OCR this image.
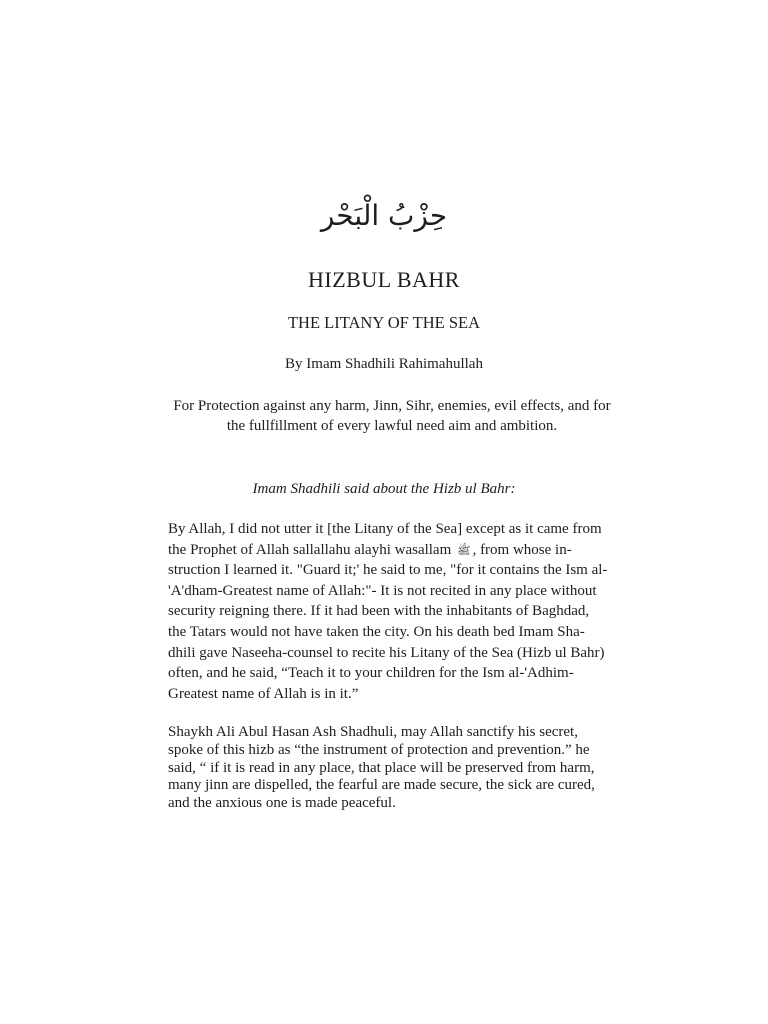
حِزْبُ الْبَحْر
HIZBUL BAHR
THE LITANY OF THE SEA
By Imam Shadhili Rahimahullah
For Protection against any harm, Jinn, Sihr, enemies, evil effects, and for
the fullfillment of every lawful need aim and ambition.
Imam Shadhili said about the Hizb ul Bahr:
By Allah, I did not utter it [the Litany of the Sea] except as it came from
the Prophet of Allah sallallahu alayhi wasallam ﷺ , from whose in-
struction I learned it. "Guard it;' he said to me, "for it contains the Ism al-
'A'dham-Greatest name of Allah:"- It is not recited in any place without
security reigning there. If it had been with the inhabitants of Baghdad,
the Tatars would not have taken the city. On his death bed Imam Sha-
dhili gave Naseeha-counsel to recite his Litany of the Sea (Hizb ul Bahr)
often, and he said, “Teach it to your children for the Ism al-'Adhim-
Greatest name of Allah is in it.”
Shaykh Ali Abul Hasan Ash Shadhuli, may Allah sanctify his secret,
spoke of this hizb as “the instrument of protection and prevention.” he
said, “ if it is read in any place, that place will be preserved from harm,
many jinn are dispelled, the fearful are made secure, the sick are cured,
and the anxious one is made peaceful.
